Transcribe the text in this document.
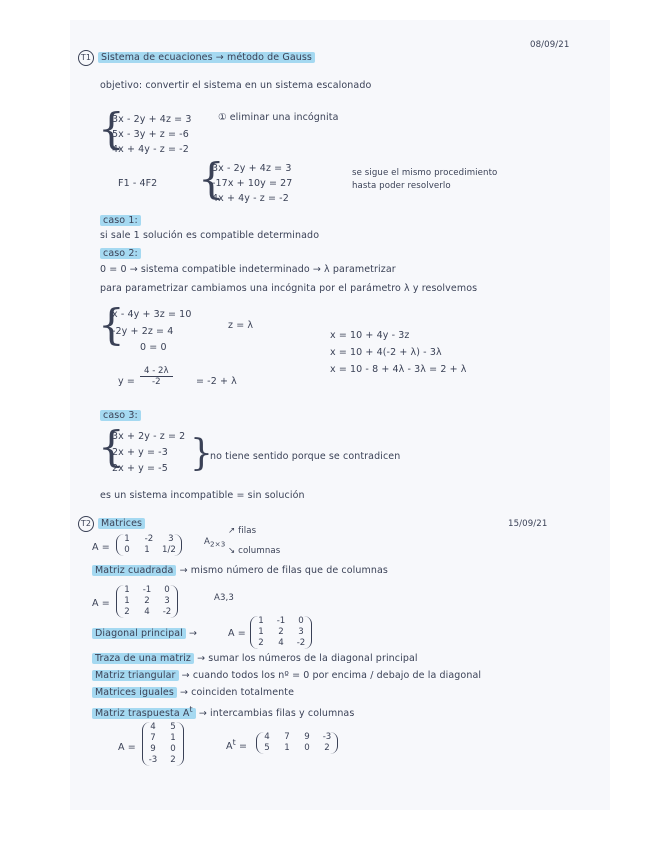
08/09/21
T1 Sistema de ecuaciones → método de Gauss
objetivo: convertir el sistema en un sistema escalonado
{
3x - 2y + 4z = 3
5x - 3y + z = -6
4x + 4y - z = -2
① eliminar una incógnita
F1 - 4F2 {
3x - 2y + 4z = 3
-17x + 10y = 27
4x + 4y - z = -2
se sigue el mismo procedimiento
hasta poder resolverlo
caso 1:
si sale 1 solución es compatible determinado
caso 2:
0 = 0 → sistema compatible indeterminado → λ parametrizar
para parametrizar cambiamos una incógnita por el parámetro λ y resolvemos
{
x - 4y + 3z = 10
-2y + 2z = 4
0 = 0
z = λ
x = 10 + 4y - 3z
x = 10 + 4(-2 + λ) - 3λ
x = 10 - 8 + 4λ - 3λ = 2 + λ
$y = \frac{4 - 2\lambda}{-2} = -2 + \lambda$
caso 3:
{
3x + 2y - z = 2
2x + y = -3
2x + y = -5 }
no tiene sentido porque se contradicen
es un sistema incompatible = sin solución
T2 Matrices	15/09/21
A =
1 -2 3
0 1 1/2
$A_{2\times 3}$
↗ filas
↘ columnas
Matriz cuadrada → mismo número de filas que de columnas
A =
1 -1 0
1 2 3
2 4 -2
A3,3
Diagonal principal →	A =
1 -1 0
1 2 3
2 4 -2
Traza de una matriz → sumar los números de la diagonal principal
Matriz triangular → cuando todos los nº = 0 por encima / debajo de la diagonal
Matrices iguales → coinciden totalmente
Matriz traspuesta $A^t$ → intercambias filas y columnas
A =
4 5
7 1
9 0
-3 2
$A^t$ =
4 7 9 -3
5 1 0 2
